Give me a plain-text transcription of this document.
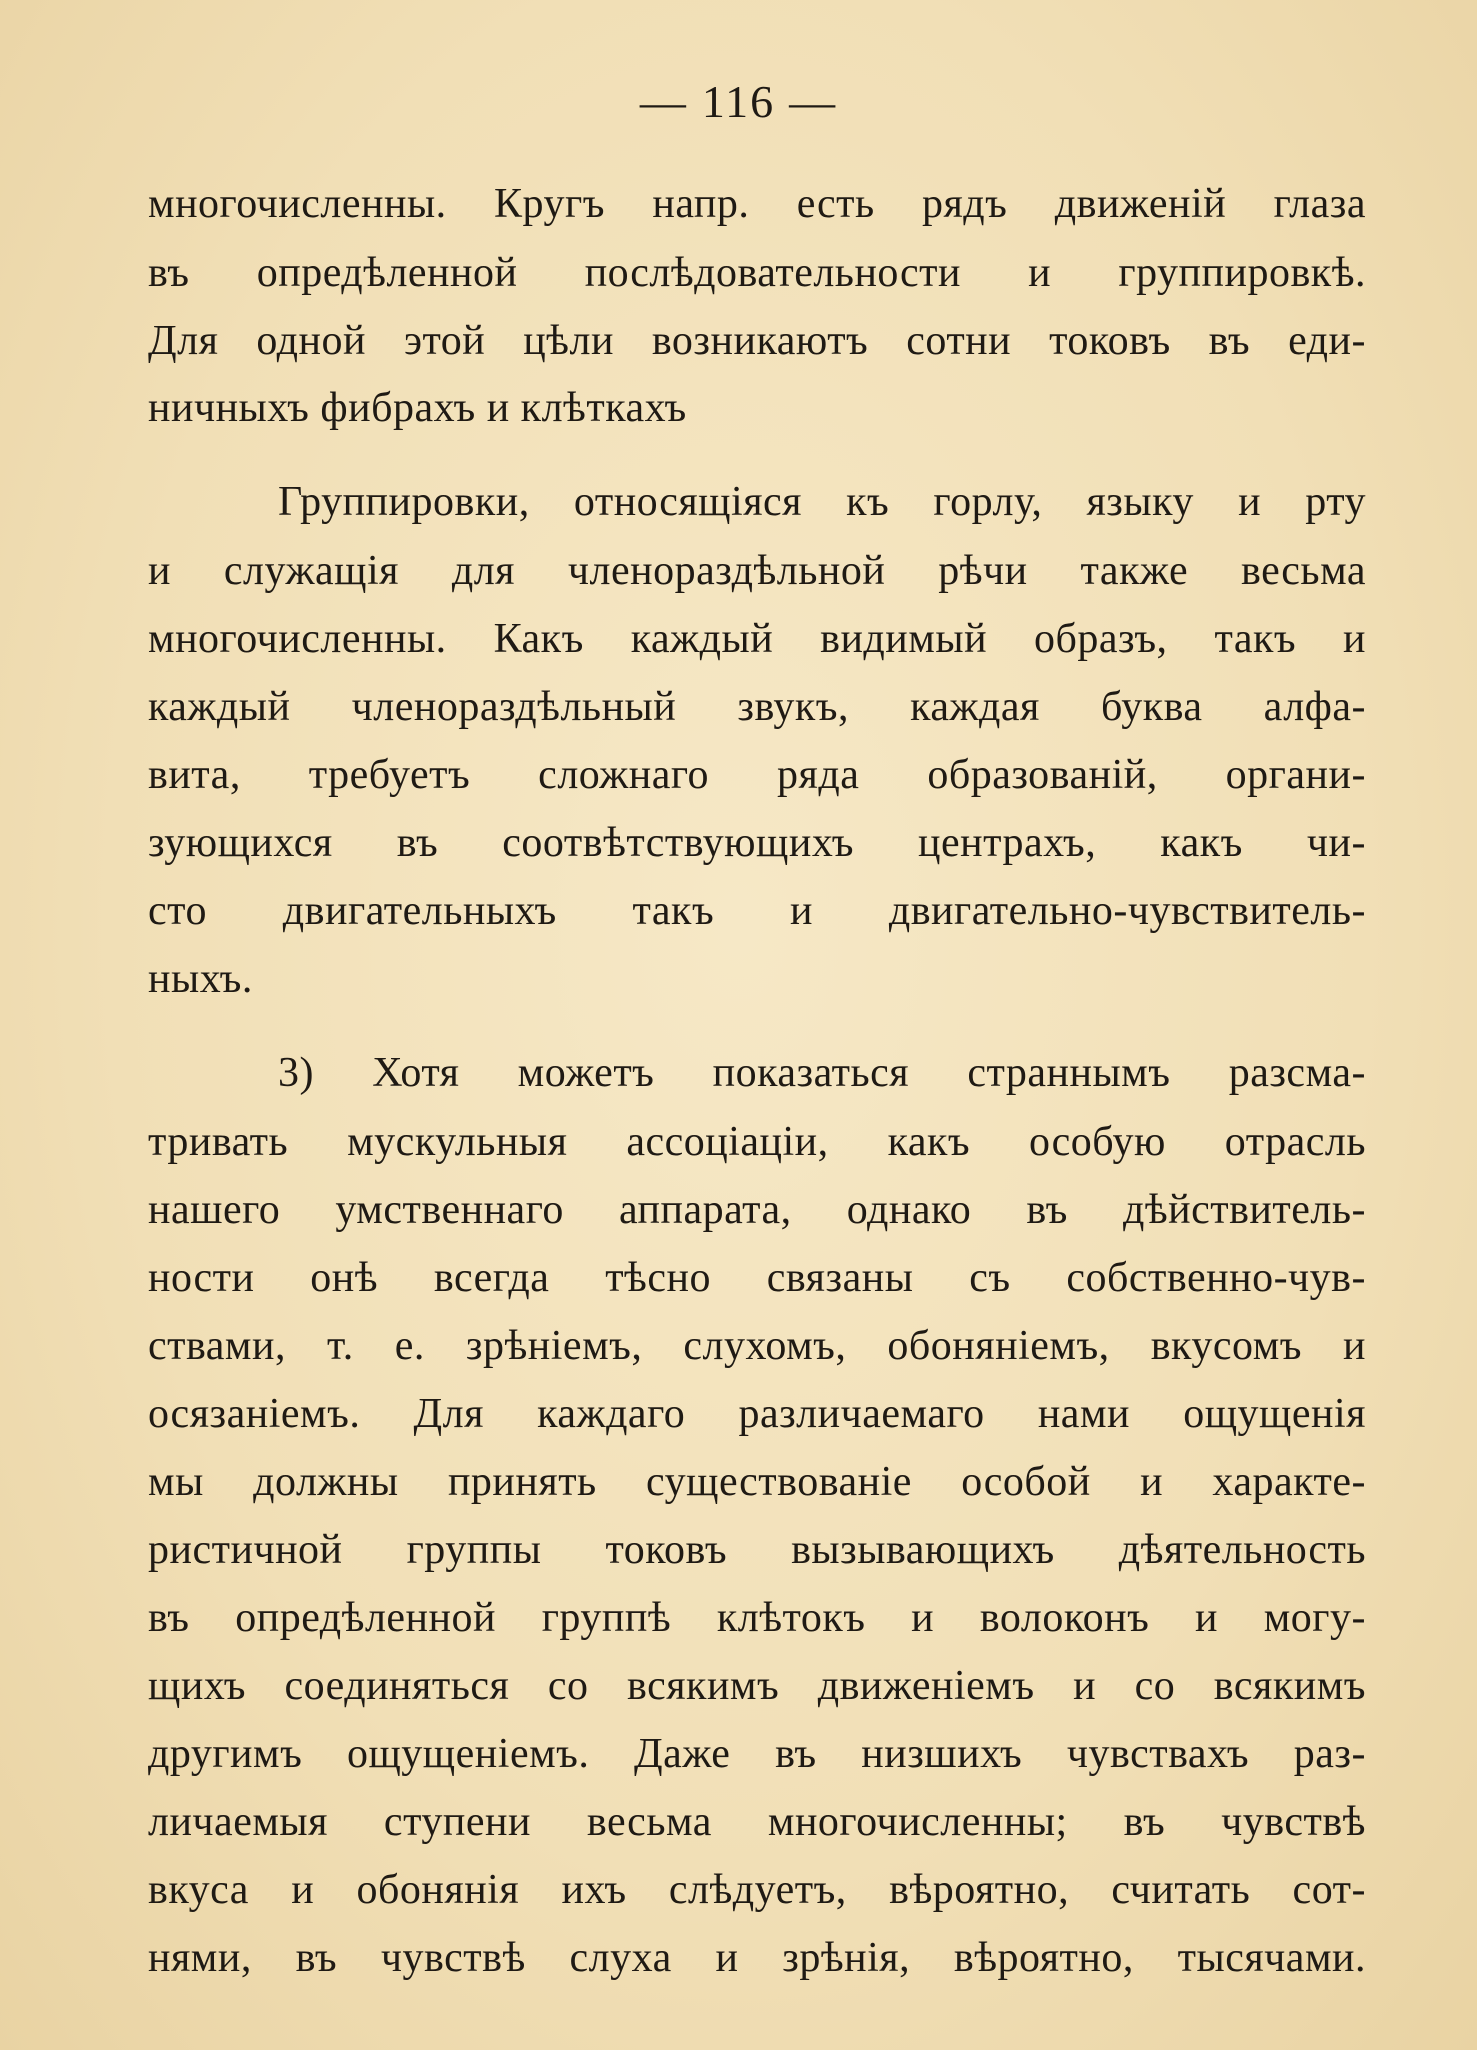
— 116 —
многочисленны. Кругъ напр. есть рядъ движенiй глаза
въ опредѣленной послѣдовательности и группировкѣ.
Для одной этой цѣли возникаютъ сотни токовъ въ еди-
ничныхъ фибрахъ и клѣткахъ
Группировки, относящiяся къ горлу, языку и рту
и служащiя для членораздѣльной рѣчи также весьма
многочисленны. Какъ каждый видимый образъ, такъ и
каждый членораздѣльный звукъ, каждая буква алфа-
вита, требуетъ сложнаго ряда образованiй, органи-
зующихся въ соотвѣтствующихъ центрахъ, какъ чи-
сто двигательныхъ такъ и двигательно-чувствитель-
ныхъ.
3) Хотя можетъ показаться страннымъ разсма-
тривать мускульныя ассоцiацiи, какъ особую отрасль
нашего умственнаго аппарата, однако въ дѣйствитель-
ности онѣ всегда тѣсно связаны съ собственно-чув-
ствами, т. е. зрѣнiемъ, слухомъ, обонянiемъ, вкусомъ и
осязанiемъ. Для каждаго различаемаго нами ощущенiя
мы должны принять существованiе особой и характе-
ристичной группы токовъ вызывающихъ дѣятельность
въ опредѣленной группѣ клѣтокъ и волоконъ и могу-
щихъ соединяться со всякимъ движенiемъ и со всякимъ
другимъ ощущенiемъ. Даже въ низшихъ чувствахъ раз-
личаемыя ступени весьма многочисленны; въ чувствѣ
вкуса и обонянiя ихъ слѣдуетъ, вѣроятно, считать сот-
нями, въ чувствѣ слуха и зрѣнiя, вѣроятно, тысячами.
